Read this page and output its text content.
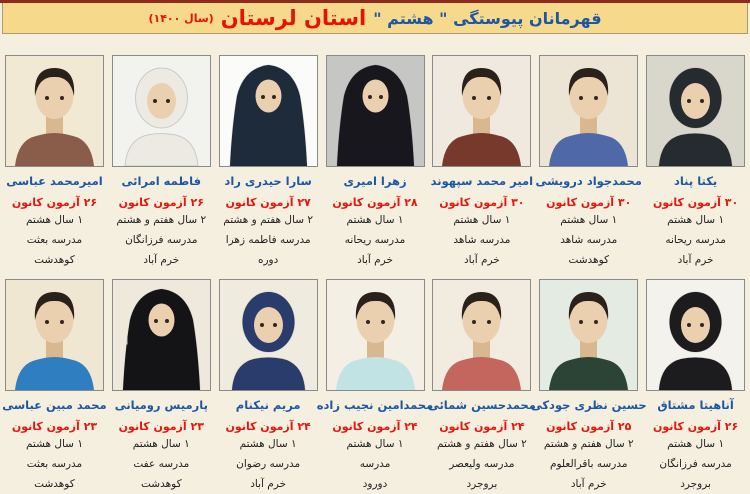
قهرمانان پیوستگی " هشتم "
استان لرستان
(سال ۱۴۰۰)
یکتا پناد
۳۰ آزمون کانون
۱ سال هشتم
مدرسه ریحانه
خرم آباد
محمدجواد درویشی
۳۰ آزمون کانون
۱ سال هشتم
مدرسه شاهد
کوهدشت
امیر محمد سپهوند
۳۰ آزمون کانون
۱ سال هشتم
مدرسه شاهد
خرم آباد
زهرا امیری
۲۸ آزمون کانون
۱ سال هشتم
مدرسه ریحانه
خرم آباد
سارا حیدری راد
۲۷ آزمون کانون
۲ سال هفتم و هشتم
مدرسه فاطمه زهرا
دوره
فاطمه امرائی
۲۶ آزمون کانون
۲ سال هفتم و هشتم
مدرسه فرزانگان
خرم آباد
امیرمحمد عباسی
۲۶ آزمون کانون
۱ سال هشتم
مدرسه بعثت
کوهدشت
آناهیتا مشتاق
۲۶ آزمون کانون
۱ سال هشتم
مدرسه فرزانگان
بروجرد
حسین نظری جودکی
۲۵ آزمون کانون
۲ سال هفتم و هشتم
مدرسه باقرالعلوم
خرم آباد
محمدحسین شمائی
۲۴ آزمون کانون
۲ سال هفتم و هشتم
مدرسه ولیعصر
بروجرد
محمدامین نجیب زاده
۲۴ آزمون کانون
۱ سال هشتم
مدرسه
دورود
مریم نیکنام
۲۴ آزمون کانون
۱ سال هشتم
مدرسه رضوان
خرم آباد
پارمیس رومیانی
۲۳ آزمون کانون
۱ سال هشتم
مدرسه عفت
کوهدشت
محمد مبین عباسی
۲۳ آزمون کانون
۱ سال هشتم
مدرسه بعثت
کوهدشت
